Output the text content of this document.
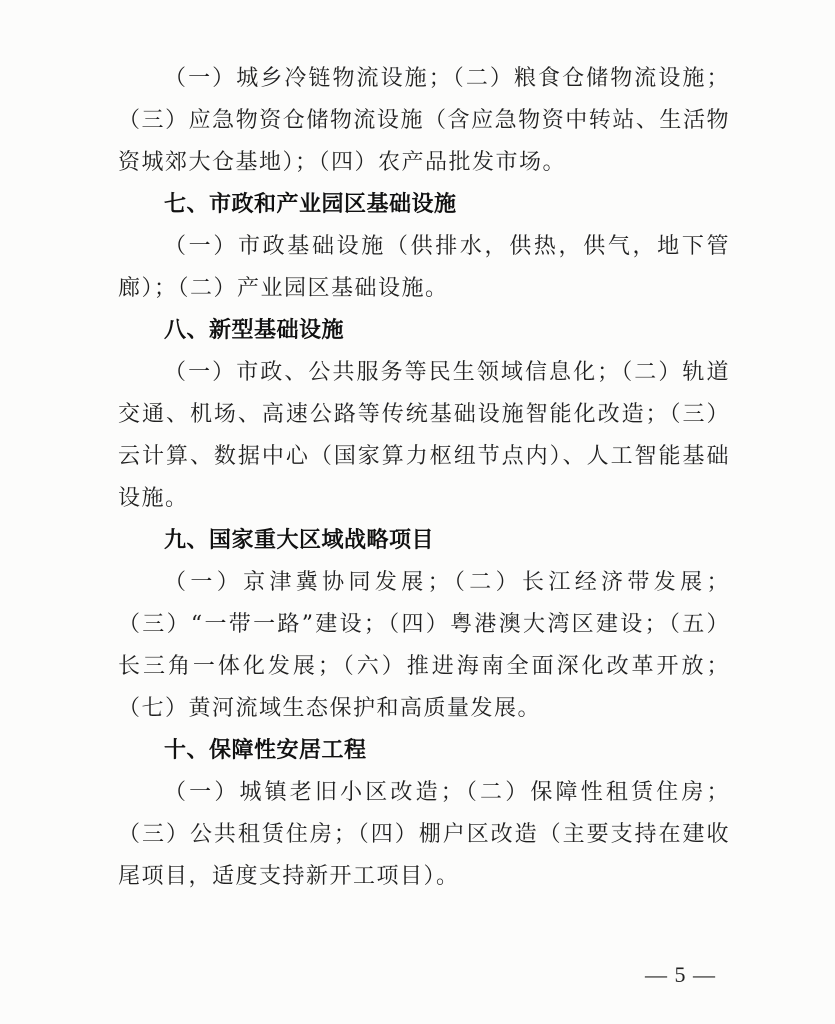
（一）城乡冷链物流设施；（二）粮食仓储物流设施；（三）应急物资仓储物流设施（含应急物资中转站、生活物资城郊大仓基地）；（四）农产品批发市场。

七、市政和产业园区基础设施

（一）市政基础设施（供排水，供热，供气，地下管廊）；（二）产业园区基础设施。

八、新型基础设施

（一）市政、公共服务等民生领域信息化；（二）轨道交通、机场、高速公路等传统基础设施智能化改造；（三）云计算、数据中心（国家算力枢纽节点内）、人工智能基础设施。

九、国家重大区域战略项目

（一）京津冀协同发展；（二）长江经济带发展；（三）“一带一路”建设；（四）粤港澳大湾区建设；（五）长三角一体化发展；（六）推进海南全面深化改革开放；（七）黄河流域生态保护和高质量发展。

十、保障性安居工程

（一）城镇老旧小区改造；（二）保障性租赁住房；（三）公共租赁住房；（四）棚户区改造（主要支持在建收尾项目，适度支持新开工项目）。

— 5 —
